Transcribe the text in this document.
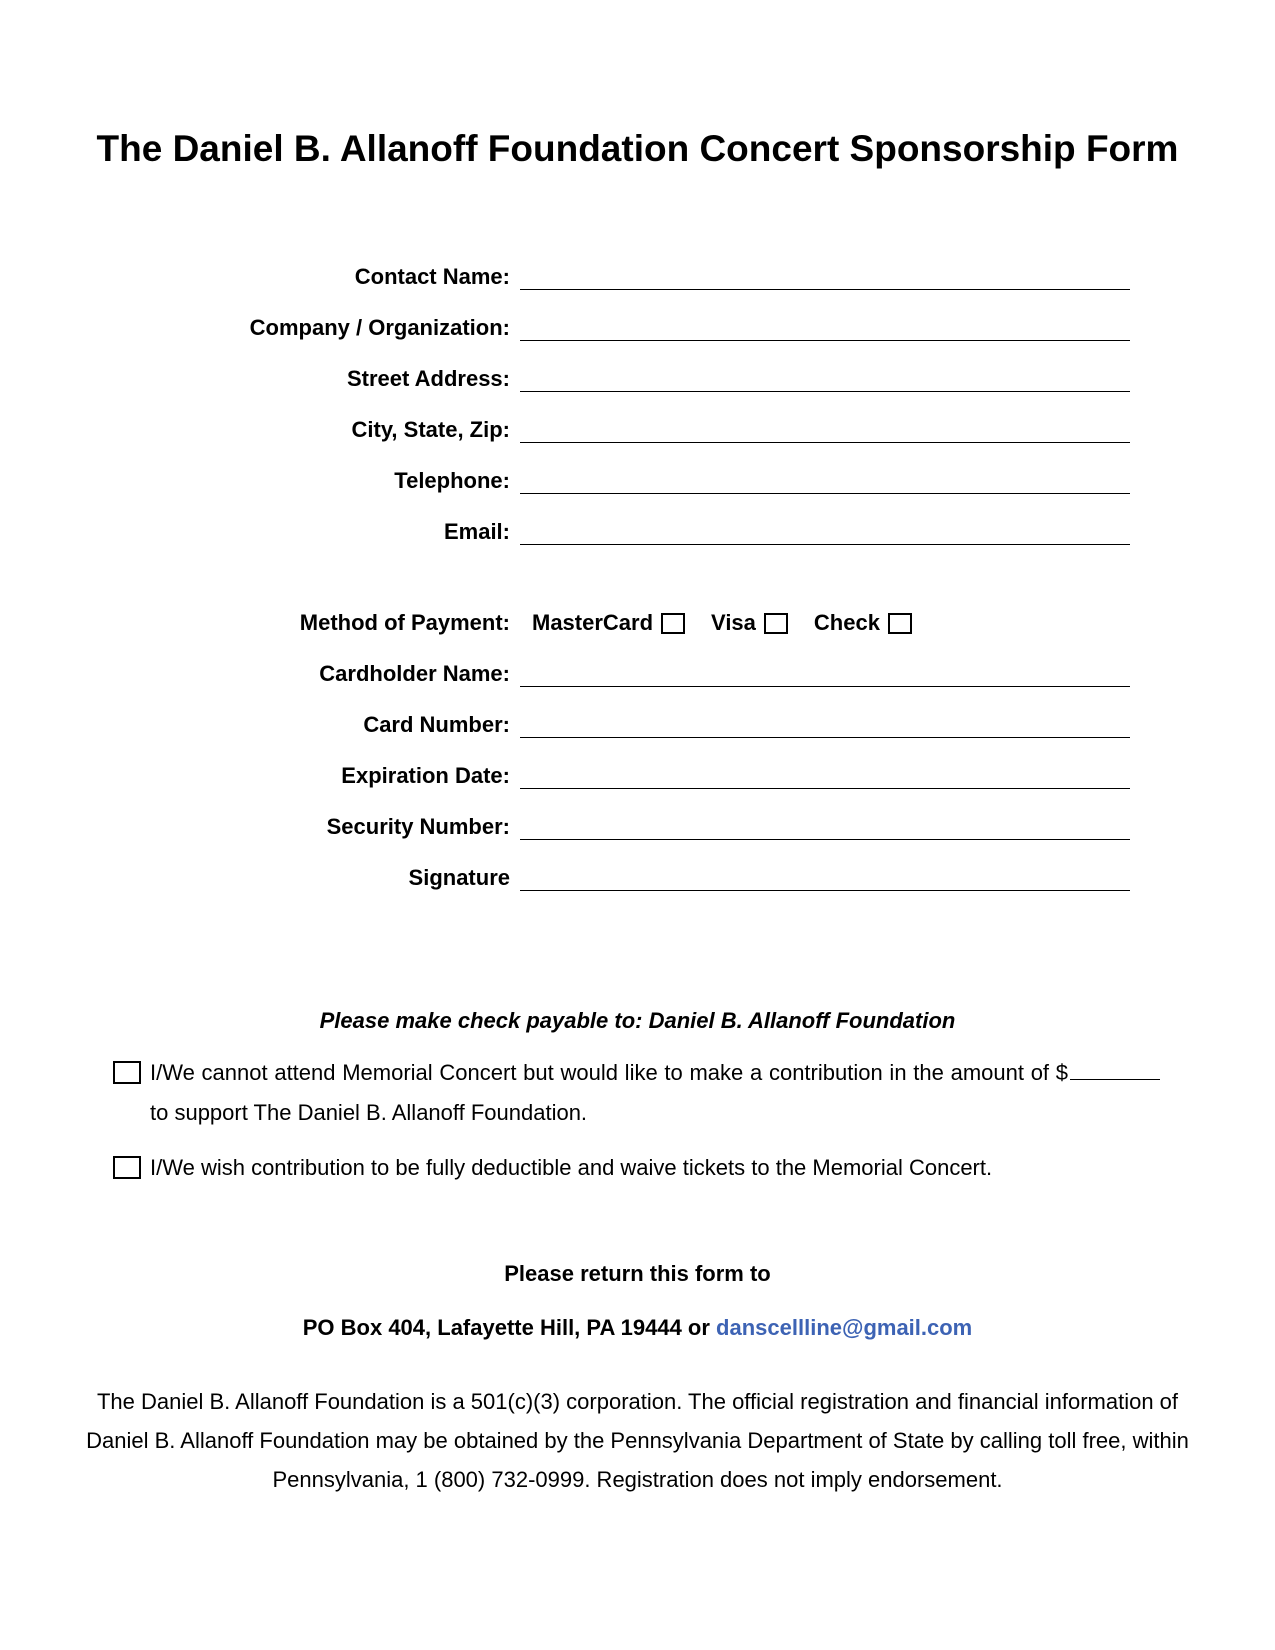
The Daniel B. Allanoff Foundation Concert Sponsorship Form
Contact Name:
Company / Organization:
Street Address:
City, State, Zip:
Telephone:
Email:
Method of Payment: MasterCard	Visa	Check
Cardholder Name:
Card Number:
Expiration Date:
Security Number:
Signature

Please make check payable to: Daniel B. Allanoff Foundation

I/We cannot attend Memorial Concert but would like to make a contribution in the amount of $to support The Daniel B. Allanoff Foundation.

I/We wish contribution to be fully deductible and waive tickets to the Memorial Concert.

Please return this form to

PO Box 404, Lafayette Hill, PA 19444 or danscellline@gmail.com

The Daniel B. Allanoff Foundation is a 501(c)(3) corporation. The official registration and financial information of Daniel B. Allanoff Foundation may be obtained by the Pennsylvania Department of State by calling toll free, within Pennsylvania, 1 (800) 732-0999. Registration does not imply endorsement.
